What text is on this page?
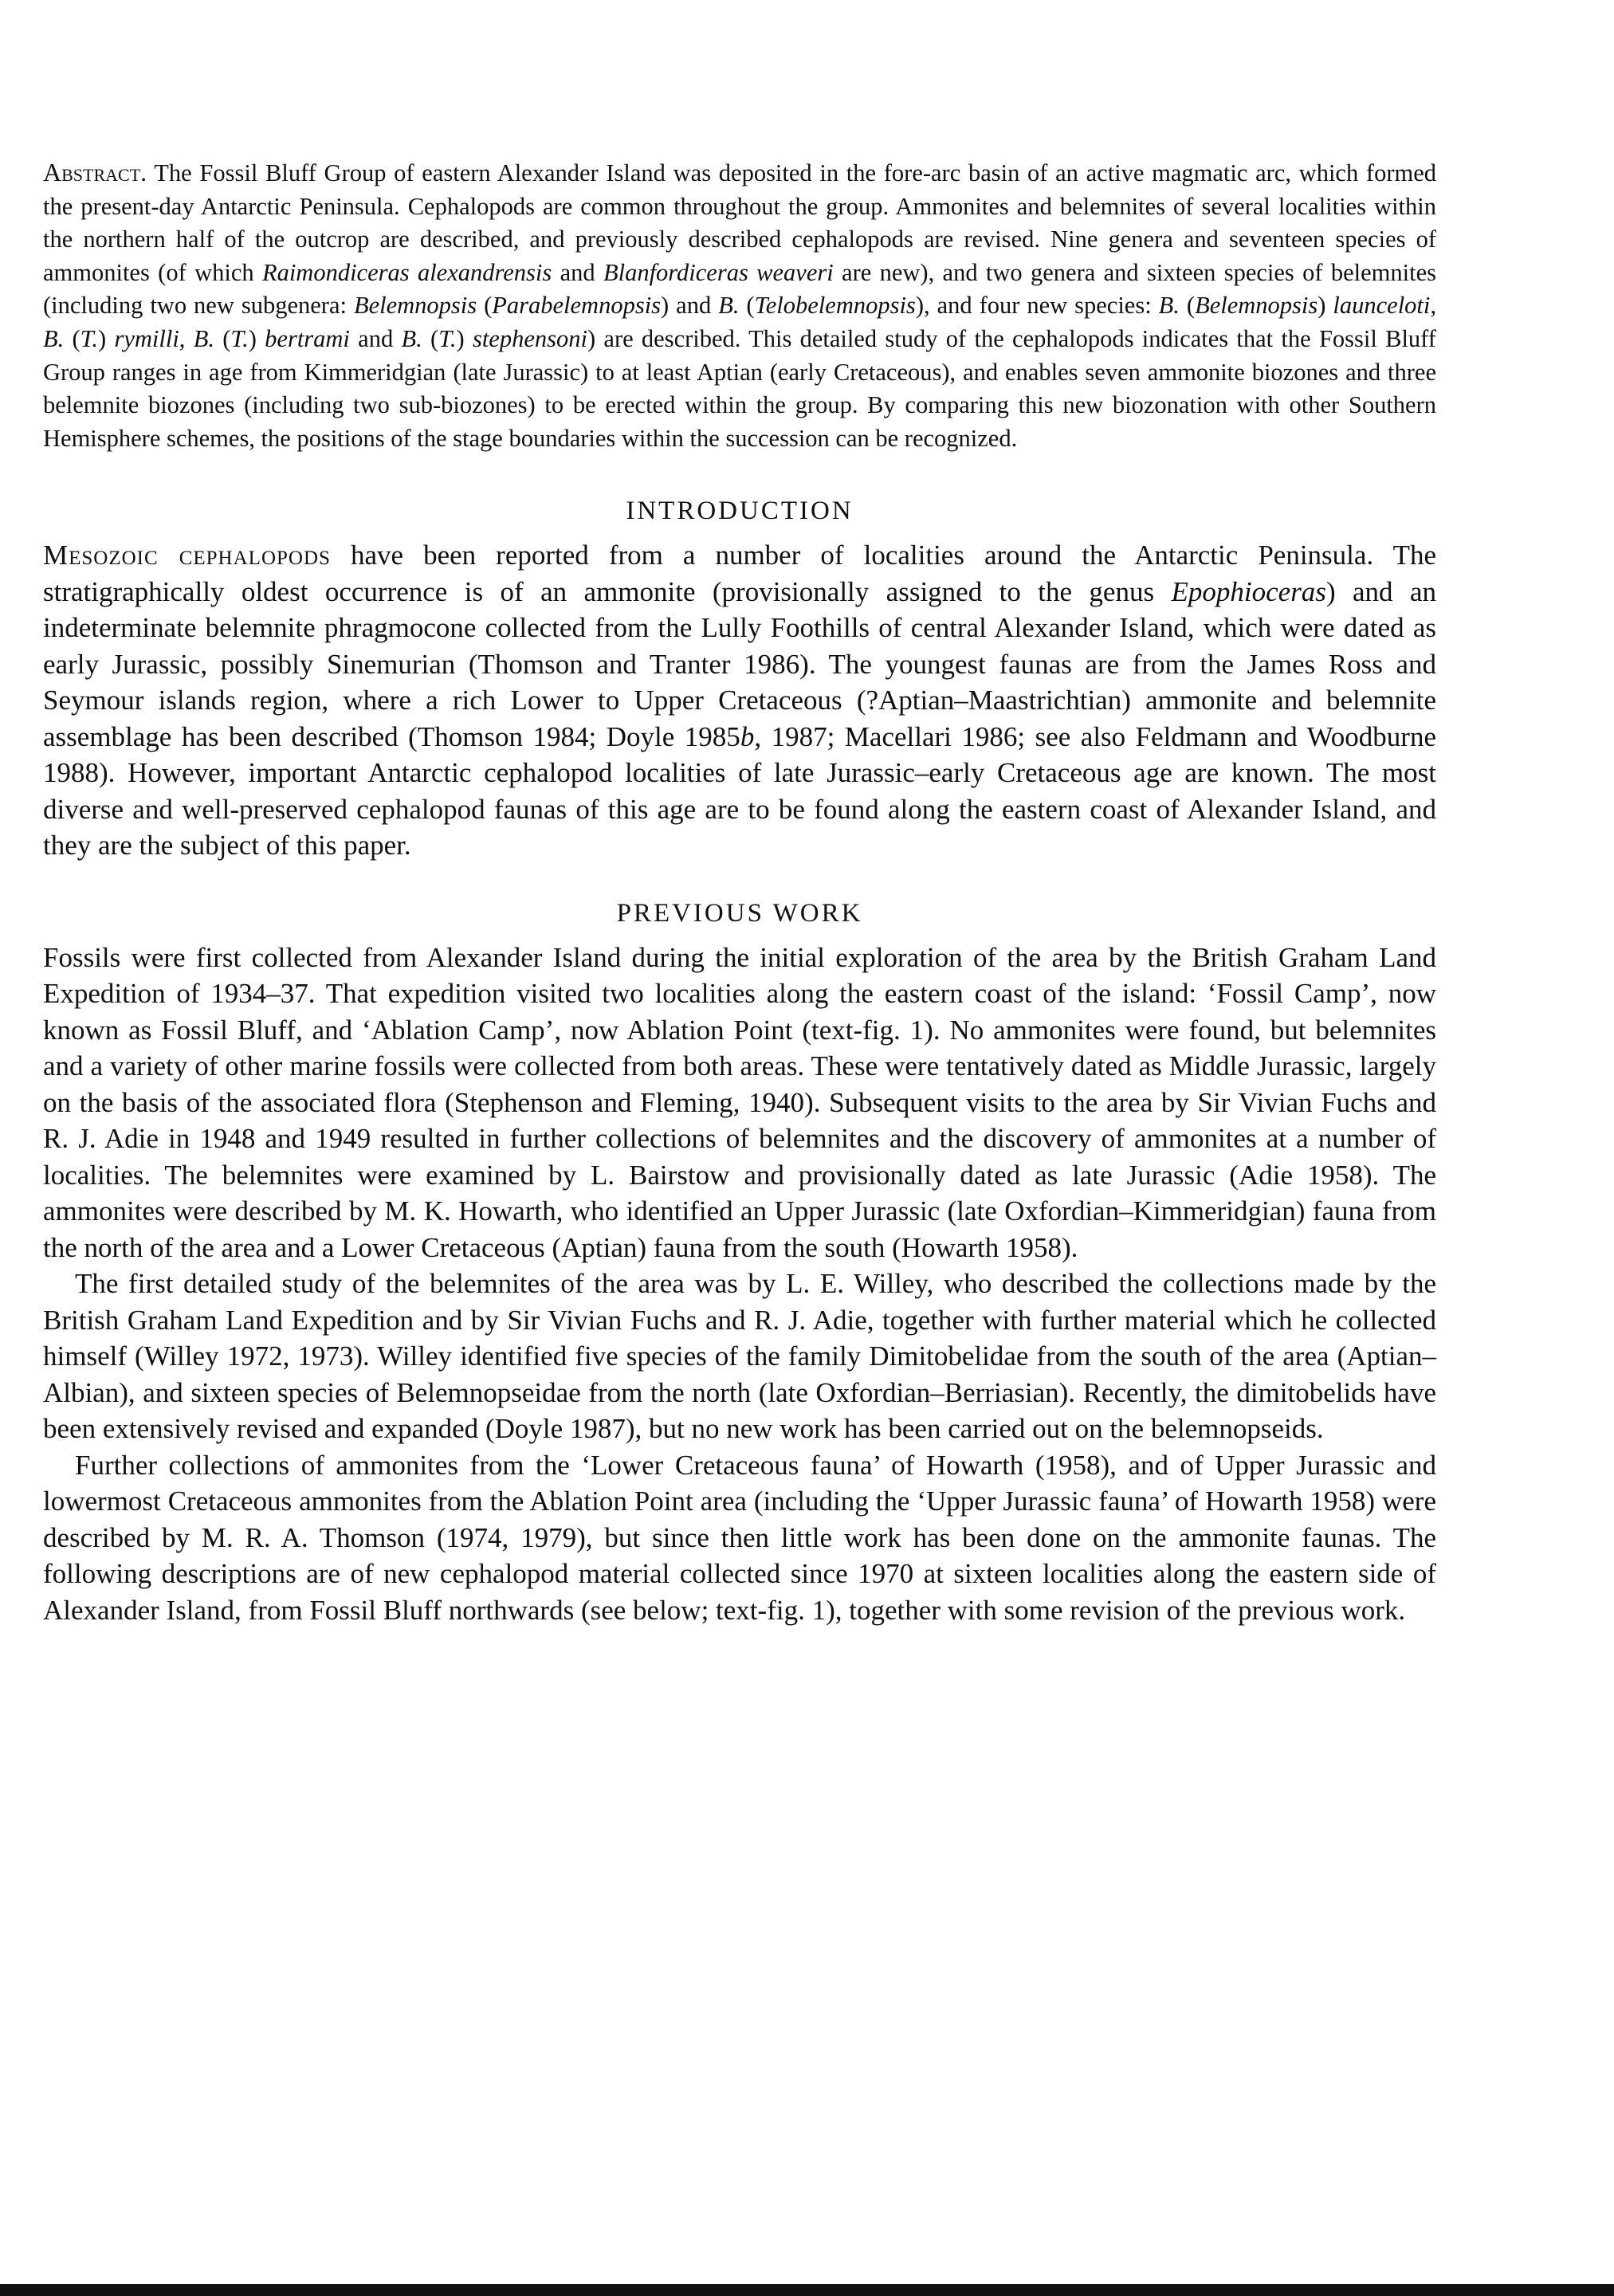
Abstract. The Fossil Bluff Group of eastern Alexander Island was deposited in the fore-arc basin of an active magmatic arc, which formed the present-day Antarctic Peninsula. Cephalopods are common throughout the group. Ammonites and belemnites of several localities within the northern half of the outcrop are described, and previously described cephalopods are revised. Nine genera and seventeen species of ammonites (of which Raimondiceras alexandrensis and Blanfordiceras weaveri are new), and two genera and sixteen species of belemnites (including two new subgenera: Belemnopsis (Parabelemnopsis) and B. (Telobelemnopsis), and four new species: B. (Belemnopsis) launceloti, B. (T.) rymilli, B. (T.) bertrami and B. (T.) stephensoni) are described. This detailed study of the cephalopods indicates that the Fossil Bluff Group ranges in age from Kimmeridgian (late Jurassic) to at least Aptian (early Cretaceous), and enables seven ammonite biozones and three belemnite biozones (including two sub-biozones) to be erected within the group. By comparing this new biozonation with other Southern Hemisphere schemes, the positions of the stage boundaries within the succession can be recognized.

INTRODUCTION

Mesozoic cephalopods have been reported from a number of localities around the Antarctic Peninsula. The stratigraphically oldest occurrence is of an ammonite (provisionally assigned to the genus Epophioceras) and an indeterminate belemnite phragmocone collected from the Lully Foothills of central Alexander Island, which were dated as early Jurassic, possibly Sinemurian (Thomson and Tranter 1986). The youngest faunas are from the James Ross and Seymour islands region, where a rich Lower to Upper Cretaceous (?Aptian–Maastrichtian) ammonite and belemnite assemblage has been described (Thomson 1984; Doyle 1985b, 1987; Macellari 1986; see also Feldmann and Woodburne 1988). However, important Antarctic cephalopod localities of late Jurassic–early Cretaceous age are known. The most diverse and well-preserved cephalopod faunas of this age are to be found along the eastern coast of Alexander Island, and they are the subject of this paper.

PREVIOUS WORK

Fossils were first collected from Alexander Island during the initial exploration of the area by the British Graham Land Expedition of 1934–37. That expedition visited two localities along the eastern coast of the island: ‘Fossil Camp’, now known as Fossil Bluff, and ‘Ablation Camp’, now Ablation Point (text-fig. 1). No ammonites were found, but belemnites and a variety of other marine fossils were collected from both areas. These were tentatively dated as Middle Jurassic, largely on the basis of the associated flora (Stephenson and Fleming, 1940). Subsequent visits to the area by Sir Vivian Fuchs and R. J. Adie in 1948 and 1949 resulted in further collections of belemnites and the discovery of ammonites at a number of localities. The belemnites were examined by L. Bairstow and provisionally dated as late Jurassic (Adie 1958). The ammonites were described by M. K. Howarth, who identified an Upper Jurassic (late Oxfordian–Kimmeridgian) fauna from the north of the area and a Lower Cretaceous (Aptian) fauna from the south (Howarth 1958).

The first detailed study of the belemnites of the area was by L. E. Willey, who described the collections made by the British Graham Land Expedition and by Sir Vivian Fuchs and R. J. Adie, together with further material which he collected himself (Willey 1972, 1973). Willey identified five species of the family Dimitobelidae from the south of the area (Aptian–Albian), and sixteen species of Belemnopseidae from the north (late Oxfordian–Berriasian). Recently, the dimitobelids have been extensively revised and expanded (Doyle 1987), but no new work has been carried out on the belemnopseids.

Further collections of ammonites from the ‘Lower Cretaceous fauna’ of Howarth (1958), and of Upper Jurassic and lowermost Cretaceous ammonites from the Ablation Point area (including the ‘Upper Jurassic fauna’ of Howarth 1958) were described by M. R. A. Thomson (1974, 1979), but since then little work has been done on the ammonite faunas. The following descriptions are of new cephalopod material collected since 1970 at sixteen localities along the eastern side of Alexander Island, from Fossil Bluff northwards (see below; text-fig. 1), together with some revision of the previous work.
